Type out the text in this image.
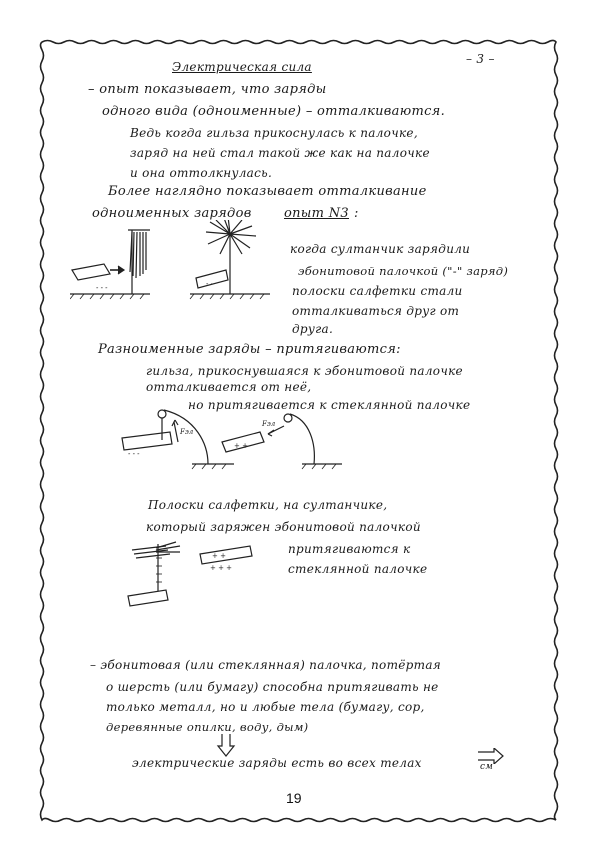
– 3 –
Электрическая сила
– опыт показывает, что заряды
одного вида (одноименные) – отталкиваются.
Ведь когда гильза прикоснулась к палочке,
заряд на ней стал такой же как на палочке
и она оттолкнулась.
Более наглядно показывает отталкивание
одноименных зарядов опыт N3 :
- - -	- -
когда султанчик зарядили
эбонитовой палочкой ("-" заряд)
полоски салфетки стали
отталкиваться друг от
друга.
Разноименные заряды – притягиваются:
гильза, прикоснувшаяся к эбонитовой палочке
отталкивается от неё,
но притягивается к стеклянной палочке
- - -
Fэл
+ +
Fэл
Полоски салфетки, на султанчике,
который заряжен эбонитовой палочкой
притягиваются к
стеклянной палочке
+ +
+ + +
– эбонитовая (или стеклянная) палочка, потёртая
о шерсть (или бумагу) способна притягивать не
только металл, но и любые тела (бумагу, сор,
деревянные опилки, воду, дым)
электрические заряды есть во всех телах	см
19
